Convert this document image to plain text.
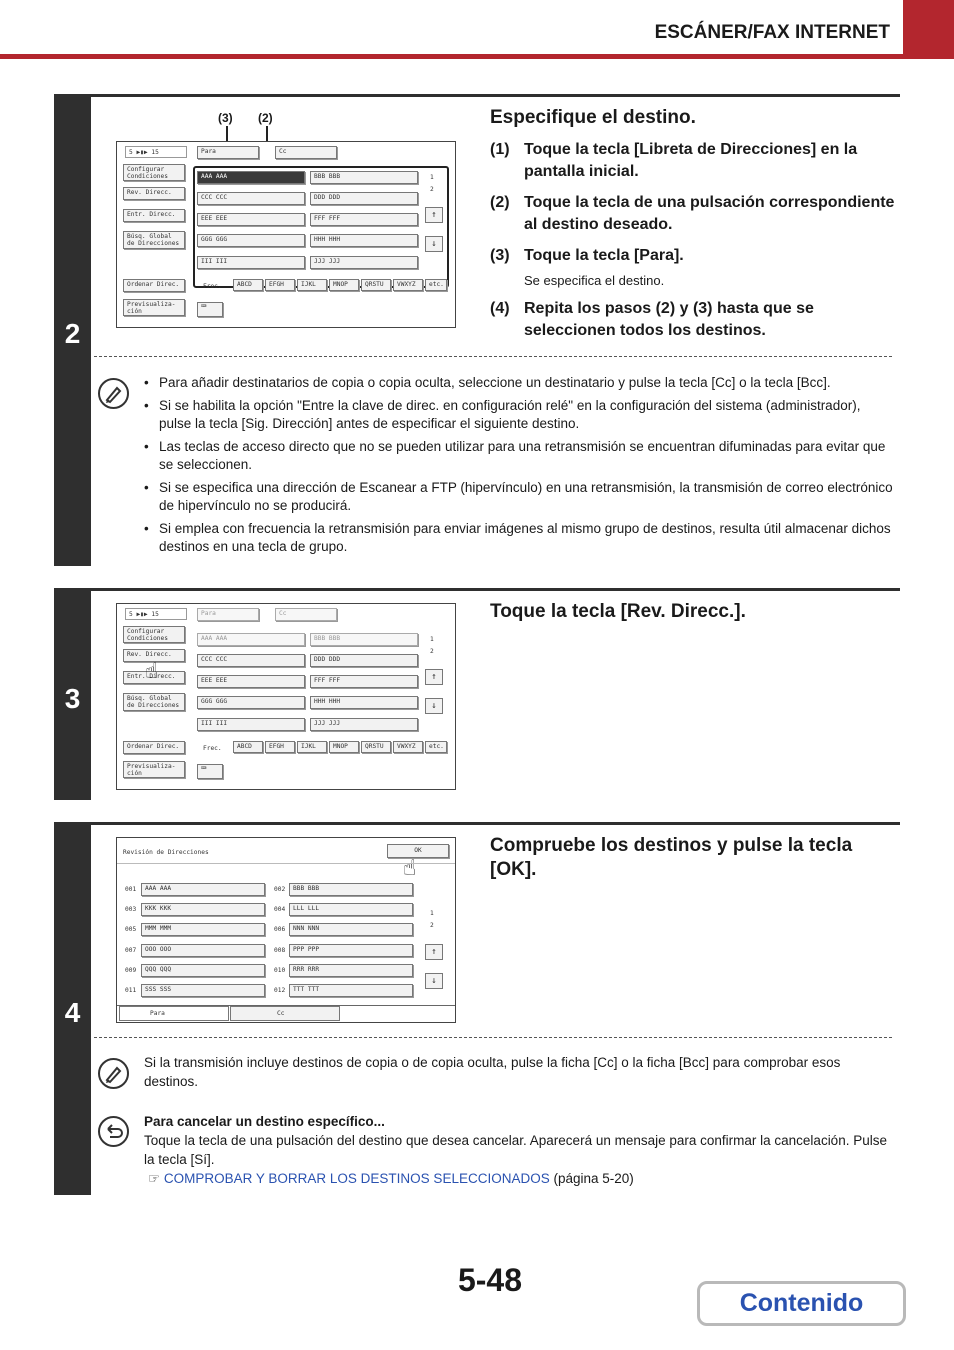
ESCÁNER/FAX INTERNET
2
(3) (2)
5 ▶▮▶ 15	Para	Cc
Configurar Condiciones
Rev. Direcc.
Entr. Direcc.
Búsq. Global de Direcciones
Ordenar Direc.
Previsualiza- ción
AAA AAA	BBB BBB
CCC CCC	DDD DDD
EEE EEE	FFF FFF
GGG GGG	HHH HHH
III III	JJJ JJJ
1
2
↑
↓
Frec.	ABCD	EFGH	IJKL	MNOP	QRSTU	VWXYZ	etc.
⌨
Especifique el destino.
(1) Toque la tecla [Libreta de Direcciones] en la pantalla inicial.
(2) Toque la tecla de una pulsación correspondiente al destino deseado.
(3) Toque la tecla [Para].
Se especifica el destino.
(4) Repita los pasos (2) y (3) hasta que se seleccionen todos los destinos.
• Para añadir destinatarios de copia o copia oculta, seleccione un destinatario y pulse la tecla [Cc] o la tecla [Bcc].
• Si se habilita la opción "Entre la clave de direc. en configuración relé" en la configuración del sistema (administrador), pulse la tecla [Sig. Dirección] antes de especificar el siguiente destino.
• Las teclas de acceso directo que no se pueden utilizar para una retransmisión se encuentran difuminadas para evitar que se seleccionen.
• Si se especifica una dirección de Escanear a FTP (hipervínculo) en una retransmisión, la transmisión de correo electrónico de hipervínculo no se producirá.
• Si emplea con frecuencia la retransmisión para enviar imágenes al mismo grupo de destinos, resulta útil almacenar dichos destinos en una tecla de grupo.
3
5 ▶▮▶ 15	Para	Cc
Configurar Condiciones
Rev. Direcc.
Entr. Direcc.
Búsq. Global de Direcciones
Ordenar Direc.
Previsualiza- ción
☝
AAA AAA	BBB BBB
CCC CCC	DDD DDD
EEE EEE	FFF FFF
GGG GGG	HHH HHH
III III	JJJ JJJ
1
2
↑
↓
Frec.	ABCD	EFGH	IJKL	MNOP	QRSTU	VWXYZ	etc.
⌨
Toque la tecla [Rev. Direcc.].
4
Revisión de Direcciones	OK
☝
001	AAA AAA	002	BBB BBB
003	KKK KKK	004	LLL LLL
005	MMM MMM	006	NNN NNN
007	OOO OOO	008	PPP PPP
009	QQQ QQQ	010	RRR RRR
011	SSS SSS	012	TTT TTT
1
2
↑
↓
Para	Cc
Compruebe los destinos y pulse la tecla [OK].
Si la transmisión incluye destinos de copia o de copia oculta, pulse la ficha [Cc] o la ficha [Bcc] para comprobar esos destinos.
Para cancelar un destino específico...
Toque la tecla de una pulsación del destino que desea cancelar. Aparecerá un mensaje para confirmar la cancelación. Pulse la tecla [Sí].
☞ COMPROBAR Y BORRAR LOS DESTINOS SELECCIONADOS (página 5-20)
5-48
Contenido
